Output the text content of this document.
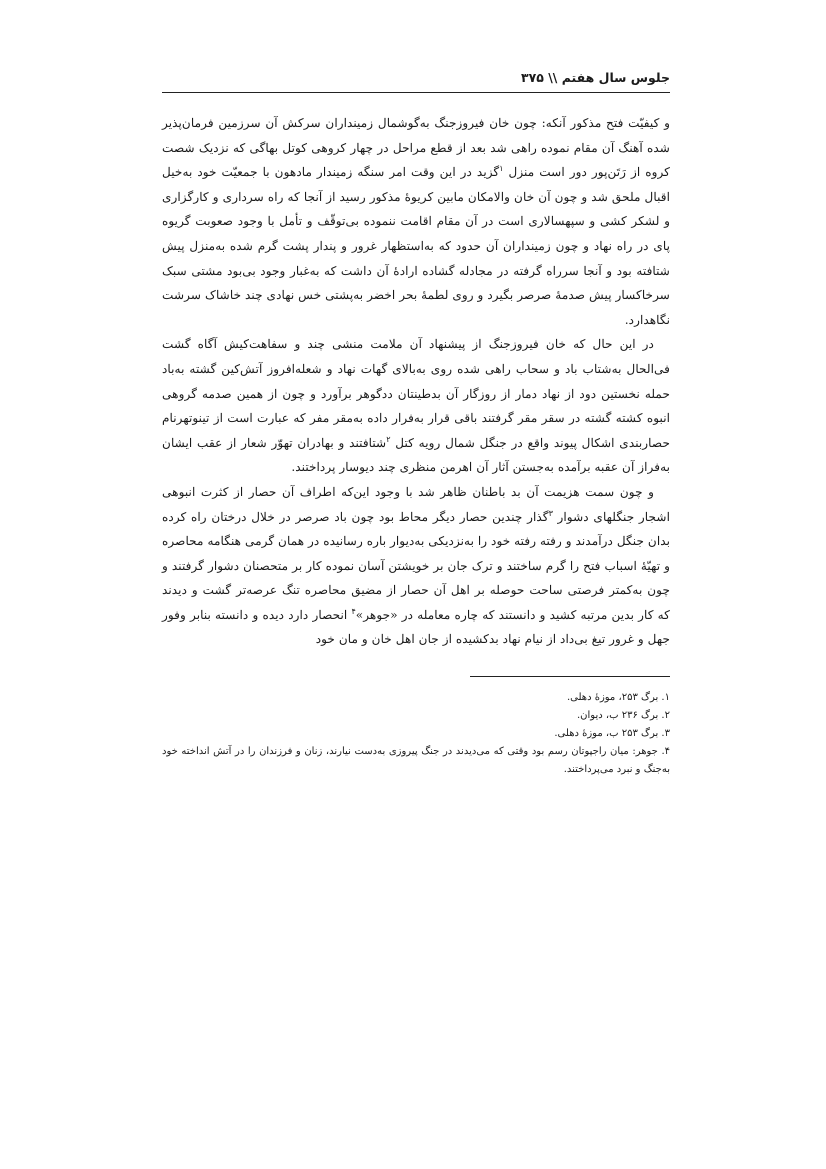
جلوس سال هفتم \\ ۳۷۵

و کیفیّت فتح مذکور آنکه: چون خان فیروزجنگ به‌گوشمال زمینداران سرکش آن سرزمین فرمان‌پذیر شده آهنگ آن مقام نموده راهی شد بعد از قطع مراحل در چهار کروهی کوتل بهاگی که نزدیک شصت کروه از رَتَن‌پور دور است منزل $^۱$گزید در این وقت امر سنگه زمیندار مادهون با جمعیّت خود به‌خیل اقبال ملحق شد و چون آن خان والامکان مابین کریوهٔ مذکور رسید از آنجا که راه سرداری و کارگزاری و لشکر کشی و سپهسالاری است در آن مقام اقامت ننموده بی‌توقّف و تأمل با وجود صعوبت گریوه پای در راه نهاد و چون زمینداران آن حدود که به‌استظهار غرور و پندار پشت گرم شده به‌منزل پیش شتافته بود و آنجا سرراه گرفته در مجادله گشاده ارادهٔ آن داشت که به‌غبار وجود بی‌بود مشتی سبک سرخاکسار پیش صدمهٔ صرصر بگیرد و روی لطمهٔ بحر اخضر به‌پشتی خس نهادی چند خاشاک سرشت نگاهدارد.

در این حال که خان فیروزجنگ از پیشنهاد آن ملامت منشی چند و سفاهت‌کیش آگاه گشت فی‌الحال به‌شتاب باد و سحاب راهی شده روی به‌بالای گهات نهاد و شعله‌افروز آتش‌کین گشته به‌باد حمله نخستین دود از نهاد دمار از روزگار آن بدطینتان ددگوهر برآورد و چون از همین صدمه گروهی انبوه کشته گشته در سقر مقر گرفتند باقی قرار به‌فرار داده به‌مقر مفر که عبارت است از تینوتهرنام حصاربندی اشکال پیوند واقع در جنگل شمال رویه کتل $^۲$شتافتند و بهادران تهوّر شعار از عقب ایشان به‌فراز آن عقبه برآمده به‌جستن آثار آن اهرمن منظری چند دیوسار پرداختند.

و چون سمت هزیمت آن بد باطنان ظاهر شد با وجود این‌که اطراف آن حصار از کثرت انبوهی اشجار جنگلهای دشوار $^۳$گذار چندین حصار دیگر محاط بود چون باد صرصر در خلال درختان راه کرده بدان جنگل درآمدند و رفته رفته خود را به‌نزدیکی به‌دیوار باره رسانیده در همان گرمی هنگامه محاصره و تهیّهٔ اسباب فتح را گرم ساختند و ترک جان بر خویشتن آسان نموده کار بر متحصنان دشوار گرفتند و چون به‌کمتر فرصتی ساحت حوصله بر اهل آن حصار از مضیق محاصره تنگ عرصه‌تر گشت و دیدند که کار بدین مرتبه کشید و دانستند که چاره معامله در «جوهر»$^۴$ انحصار دارد دیده و دانسته بنابر وفور جهل و غرور تیغ بی‌داد از نیام نهاد بدکشیده از جان اهل خان و مان خود

۱. برگ ۲۵۳، موزهٔ دهلی.

۲. برگ ۲۳۶ ب، دیوان.

۳. برگ ۲۵۳ ب، موزهٔ دهلی.

۴. جوهر: میان راجپوتان رسم بود وقتی که می‌دیدند در جنگ پیروزی به‌دست نیارند، زنان و فرزندان را در آتش انداخته خود به‌جنگ و نبرد می‌پرداختند.
